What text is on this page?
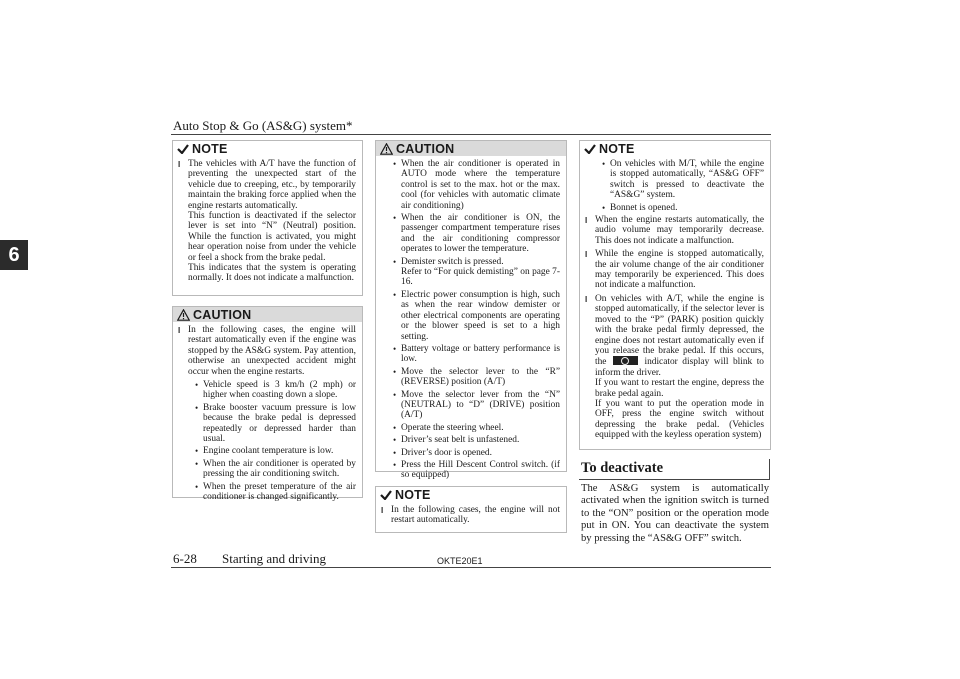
Auto Stop & Go (AS&G) system*
6
NOTE
l The vehicles with A/T have the function of preventing the unexpected start of the vehicle due to creeping, etc., by temporarily maintain the braking force applied when the engine restarts automatically.
This function is deactivated if the selector lever is set into “N” (Neutral) position. While the function is activated, you might hear operation noise from under the vehicle or feel a shock from the brake pedal.
This indicates that the system is operating normally. It does not indicate a malfunction.
CAUTION
l In the following cases, the engine will restart automatically even if the engine was stopped by the AS&G system. Pay attention, otherwise an unexpected accident might occur when the engine restarts.
• Vehicle speed is 3 km/h (2 mph) or higher when coasting down a slope.
• Brake booster vacuum pressure is low because the brake pedal is depressed repeatedly or depressed harder than usual.
• Engine coolant temperature is low.
• When the air conditioner is operated by pressing the air conditioning switch.
• When the preset temperature of the air conditioner is changed significantly.
CAUTION
• When the air conditioner is operated in AUTO mode where the temperature control is set to the max. hot or the max. cool (for vehicles with automatic climate air conditioning)
• When the air conditioner is ON, the passenger compartment temperature rises and the air conditioning compressor operates to lower the temperature.
• Demister switch is pressed.
Refer to “For quick demisting” on page 7-16.
• Electric power consumption is high, such as when the rear window demister or other electrical components are operating or the blower speed is set to a high setting.
• Battery voltage or battery performance is low.
• Move the selector lever to the “R” (REVERSE) position (A/T)
• Move the selector lever from the “N” (NEUTRAL) to “D” (DRIVE) position (A/T)
• Operate the steering wheel.
• Driver’s seat belt is unfastened.
• Driver’s door is opened.
• Press the Hill Descent Control switch. (if so equipped)
NOTE
l In the following cases, the engine will not restart automatically.
NOTE
• On vehicles with M/T, while the engine is stopped automatically, “AS&G OFF” switch is pressed to deactivate the “AS&G” system.
• Bonnet is opened.
l When the engine restarts automatically, the audio volume may temporarily decrease. This does not indicate a malfunction.
l While the engine is stopped automatically, the air volume change of the air conditioner may temporarily be experienced. This does not indicate a malfunction.
l On vehicles with A/T, while the engine is stopped automatically, if the selector lever is moved to the “P” (PARK) position quickly with the brake pedal firmly depressed, the engine does not restart automatically even if you release the brake pedal. If this occurs, the	indicator display will blink to inform the driver.
If you want to restart the engine, depress the brake pedal again.
If you want to put the operation mode in OFF, press the engine switch without depressing the brake pedal. (Vehicles equipped with the keyless operation system)
To deactivate
The AS&G system is automatically activated when the ignition switch is turned to the “ON” position or the operation mode put in ON. You can deactivate the system by pressing the “AS&G OFF” switch.
6-28 Starting and driving	OKTE20E1
